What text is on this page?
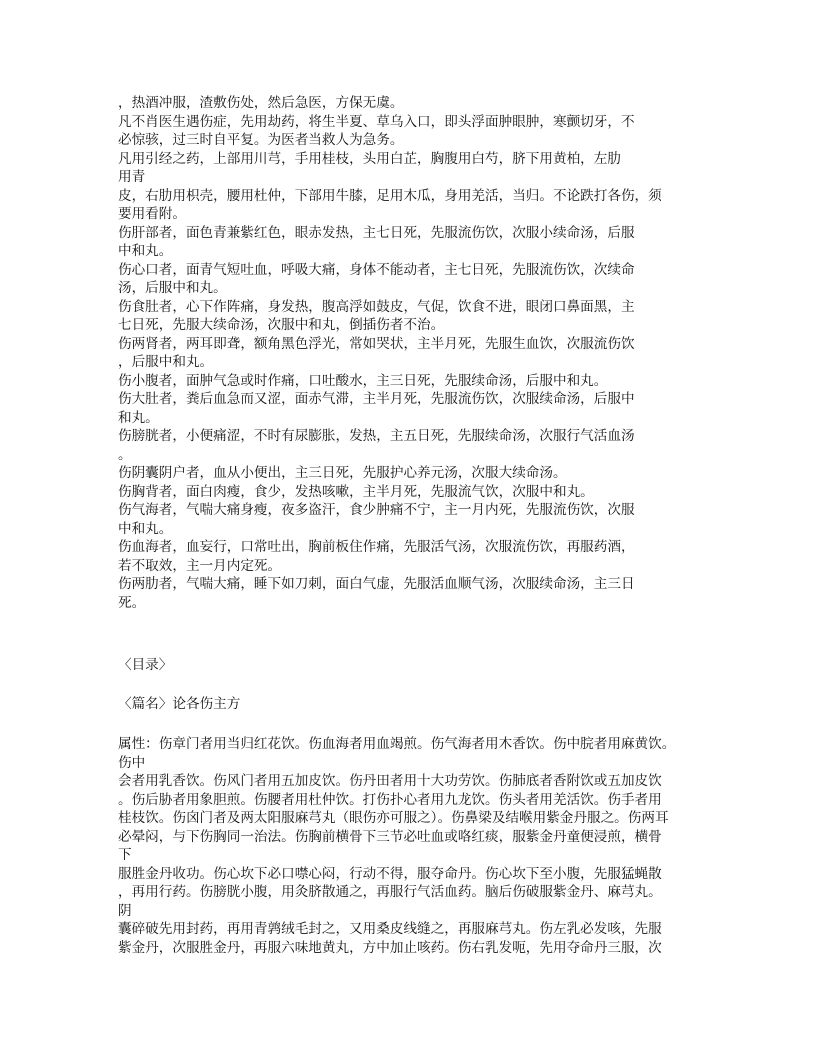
，热酒冲服，渣敷伤处，然后急医，方保无虞。
凡不肖医生遇伤症，先用劫药，将生半夏、草乌入口，即头浮面肿眼肿，寒颤切牙，不
必惊骇，过三时自平复。为医者当救人为急务。
凡用引经之药，上部用川芎，手用桂枝，头用白芷，胸腹用白芍，脐下用黄柏，左肋
用青
皮，右肋用枳壳，腰用杜仲，下部用牛膝，足用木瓜，身用羌活，当归。不论跌打各伤，须
要用看附。
伤肝部者，面色青兼紫红色，眼赤发热，主七日死，先服流伤饮，次服小续命汤，后服
中和丸。
伤心口者，面青气短吐血，呼吸大痛，身体不能动者，主七日死，先服流伤饮，次续命
汤，后服中和丸。
伤食肚者，心下作阵痛，身发热，腹高浮如鼓皮，气促，饮食不进，眼闭口鼻面黑，主
七日死，先服大续命汤，次服中和丸，倒插伤者不治。
伤两肾者，两耳即聋，额角黑色浮光，常如哭状，主半月死，先服生血饮，次服流伤饮
，后服中和丸。
伤小腹者，面肿气急或时作痛，口吐酸水，主三日死，先服续命汤，后服中和丸。
伤大肚者，粪后血急而又涩，面赤气滞，主半月死，先服流伤饮，次服续命汤，后服中
和丸。
伤膀胱者，小便痛涩，不时有尿膨胀，发热，主五日死，先服续命汤，次服行气活血汤
。
伤阴囊阴户者，血从小便出，主三日死，先服护心养元汤，次服大续命汤。
伤胸背者，面白肉瘦，食少，发热咳嗽，主半月死，先服流气饮，次服中和丸。
伤气海者，气喘大痛身瘦，夜多盗汗，食少肿痛不宁，主一月内死，先服流伤饮，次服
中和丸。
伤血海者，血妄行，口常吐出，胸前板住作痛，先服活气汤，次服流伤饮，再服药酒，
若不取效，主一月内定死。
伤两肋者，气喘大痛，睡下如刀刺，面白气虚，先服活血顺气汤，次服续命汤，主三日
死。
〈目录〉
〈篇名〉论各伤主方
属性：伤章门者用当归红花饮。伤血海者用血竭煎。伤气海者用木香饮。伤中脘者用麻黄饮。
伤中
会者用乳香饮。伤风门者用五加皮饮。伤丹田者用十大功劳饮。伤肺底者香附饮或五加皮饮
。伤后胁者用象胆煎。伤腰者用杜仲饮。打伤扑心者用九龙饮。伤头者用羌活饮。伤手者用
桂枝饮。伤囟门者及两太阳服麻芎丸（眼伤亦可服之）。伤鼻梁及结喉用紫金丹服之。伤两耳
必晕闷，与下伤胸同一治法。伤胸前横骨下三节必吐血或咯红痰，服紫金丹童便浸煎，横骨
下
服胜金丹收功。伤心坎下必口噤心闷，行动不得，服夺命丹。伤心坎下至小腹，先服猛蝇散
，再用行药。伤膀胱小腹，用灸脐散通之，再服行气活血药。脑后伤破服紫金丹、麻芎丸。
阴
囊碎破先用封药，再用青鹑绒毛封之，又用桑皮线缝之，再服麻芎丸。伤左乳必发咳，先服
紫金丹，次服胜金丹，再服六味地黄丸，方中加止咳药。伤右乳发呃，先用夺命丹三服，次
